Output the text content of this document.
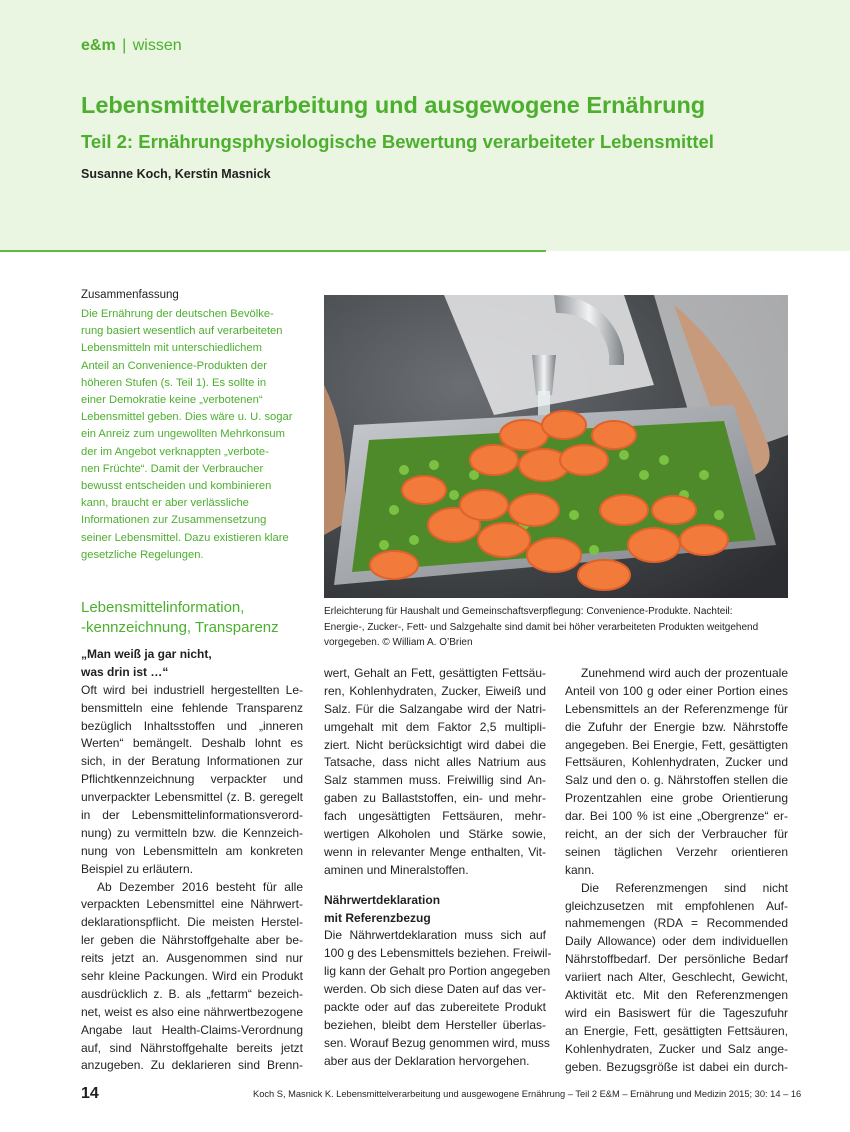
e&m | wissen
Lebensmittelverarbeitung und ausgewogene Ernährung
Teil 2: Ernährungsphysiologische Bewertung verarbeiteter Lebensmittel
Susanne Koch, Kerstin Masnick
Zusammenfassung
Die Ernährung der deutschen Bevölke-
rung basiert wesentlich auf verarbeiteten
Lebensmitteln mit unterschiedlichem
Anteil an Convenience-Produkten der
höheren Stufen (s. Teil 1). Es sollte in
einer Demokratie keine „verbotenen“
Lebensmittel geben. Dies wäre u. U. sogar
ein Anreiz zum ungewollten Mehrkonsum
der im Angebot verknappten „verbote-
nen Früchte“. Damit der Verbraucher
bewusst entscheiden und kombinieren
kann, braucht er aber verlässliche
Informationen zur Zusammensetzung
seiner Lebensmittel. Dazu existieren klare
gesetzliche Regelungen.
Erleichterung für Haushalt und Gemeinschaftsverpflegung: Convenience-Produkte. Nachteil:
Energie-, Zucker-, Fett- und Salzgehalte sind damit bei höher verarbeiteten Produkten weitgehend
vorgegeben. © William A. O’Brien
Lebensmittelinformation,
-kennzeichnung, Transparenz
„Man weiß ja gar nicht,
was drin ist …“
Oft wird bei industriell hergestellten Le-
bensmitteln eine fehlende Transparenz
bezüglich Inhaltsstoffen und „inneren
Werten“ bemängelt. Deshalb lohnt es
sich, in der Beratung Informationen zur
Pflichtkennzeichnung verpackter und
unverpackter Lebensmittel (z. B. geregelt
in der Lebensmittelinformationsverord-
nung) zu vermitteln bzw. die Kennzeich-
nung von Lebensmitteln am konkreten
Beispiel zu erläutern.
Ab Dezember 2016 besteht für alle
verpackten Lebensmittel eine Nährwert-
deklarationspflicht. Die meisten Herstel-
ler geben die Nährstoffgehalte aber be-
reits jetzt an. Ausgenommen sind nur
sehr kleine Packungen. Wird ein Produkt
ausdrücklich z. B. als „fettarm“ bezeich-
net, weist es also eine nährwertbezogene
Angabe laut Health-Claims-Verordnung
auf, sind Nährstoffgehalte bereits jetzt
anzugeben. Zu deklarieren sind Brenn-
wert, Gehalt an Fett, gesättigten Fettsäu-
ren, Kohlenhydraten, Zucker, Eiweiß und
Salz. Für die Salzangabe wird der Natri-
umgehalt mit dem Faktor 2,5 multipli-
ziert. Nicht berücksichtigt wird dabei die
Tatsache, dass nicht alles Natrium aus
Salz stammen muss. Freiwillig sind An-
gaben zu Ballaststoffen, ein- und mehr-
fach ungesättigten Fettsäuren, mehr-
wertigen Alkoholen und Stärke sowie,
wenn in relevanter Menge enthalten, Vit-
aminen und Mineralstoffen.
Nährwertdeklaration
mit Referenzbezug
Die Nährwertdeklaration muss sich auf
100 g des Lebensmittels beziehen. Freiwil-
lig kann der Gehalt pro Portion angegeben
werden. Ob sich diese Daten auf das ver-
packte oder auf das zubereitete Produkt
beziehen, bleibt dem Hersteller überlas-
sen. Worauf Bezug genommen wird, muss
aber aus der Deklaration hervorgehen.
Zunehmend wird auch der prozentuale
Anteil von 100 g oder einer Portion eines
Lebensmittels an der Referenzmenge für
die Zufuhr der Energie bzw. Nährstoffe
angegeben. Bei Energie, Fett, gesättigten
Fettsäuren, Kohlenhydraten, Zucker und
Salz und den o. g. Nährstoffen stellen die
Prozentzahlen eine grobe Orientierung
dar. Bei 100 % ist eine „Obergrenze“ er-
reicht, an der sich der Verbraucher für
seinen täglichen Verzehr orientieren
kann.
Die Referenzmengen sind nicht
gleichzusetzen mit empfohlenen Auf-
nahmemengen (RDA = Recommended
Daily Allowance) oder dem individuellen
Nährstoffbedarf. Der persönliche Bedarf
variiert nach Alter, Geschlecht, Gewicht,
Aktivität etc. Mit den Referenzmengen
wird ein Basiswert für die Tageszufuhr
an Energie, Fett, gesättigten Fettsäuren,
Kohlenhydraten, Zucker und Salz ange-
geben. Bezugsgröße ist dabei ein durch-
14	Koch S, Masnick K. Lebensmittelverarbeitung und ausgewogene Ernährung – Teil 2 E&M – Ernährung und Medizin 2015; 30: 14 – 16
